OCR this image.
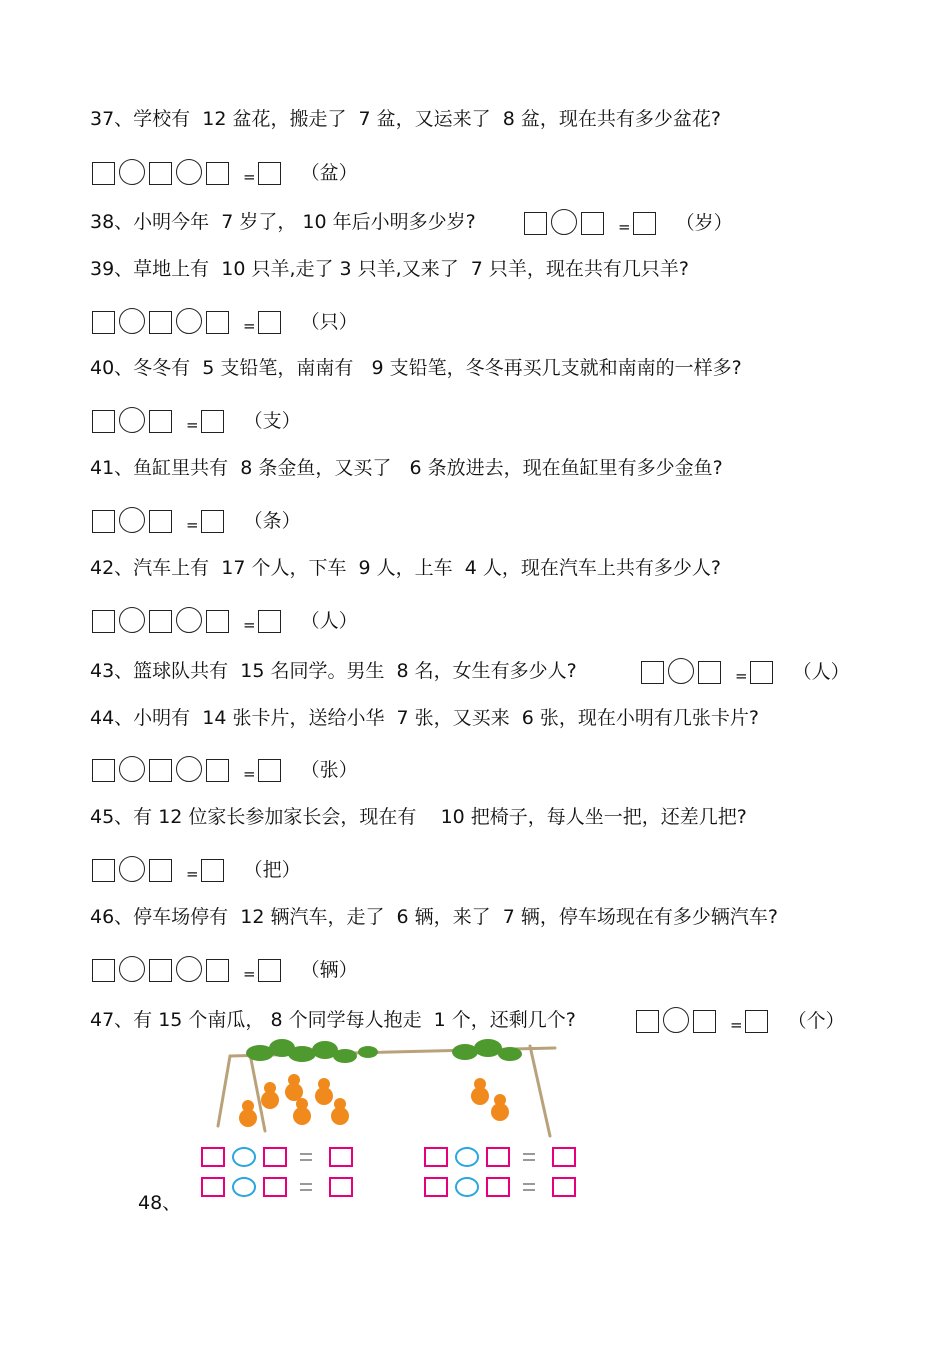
37、学校有  12 盆花，搬走了  7 盆，又运来了  8 盆，现在共有多少盆花?
= （盆）
38、小明今年  7 岁了， 10 年后小明多少岁?	= （岁）
39、草地上有  10 只羊,走了 3 只羊,又来了  7 只羊，现在共有几只羊?
= （只）
40、冬冬有  5 支铅笔，南南有   9 支铅笔，冬冬再买几支就和南南的一样多?
= （支）
41、鱼缸里共有  8 条金鱼，又买了   6 条放进去，现在鱼缸里有多少金鱼?
= （条）
42、汽车上有  17 个人，下车  9 人，上车  4 人，现在汽车上共有多少人?
= （人）
43、篮球队共有  15 名同学。男生  8 名，女生有多少人?	= （人）
44、小明有  14 张卡片，送给小华  7 张，又买来  6 张，现在小明有几张卡片?
= （张）
45、有 12 位家长参加家长会，现在有    10 把椅子，每人坐一把，还差几把?
= （把）
46、停车场停有  12 辆汽车，走了  6 辆，来了  7 辆，停车场现在有多少辆汽车?
= （辆）
47、有 15 个南瓜， 8 个同学每人抱走  1 个，还剩几个?	= （个）
48、
